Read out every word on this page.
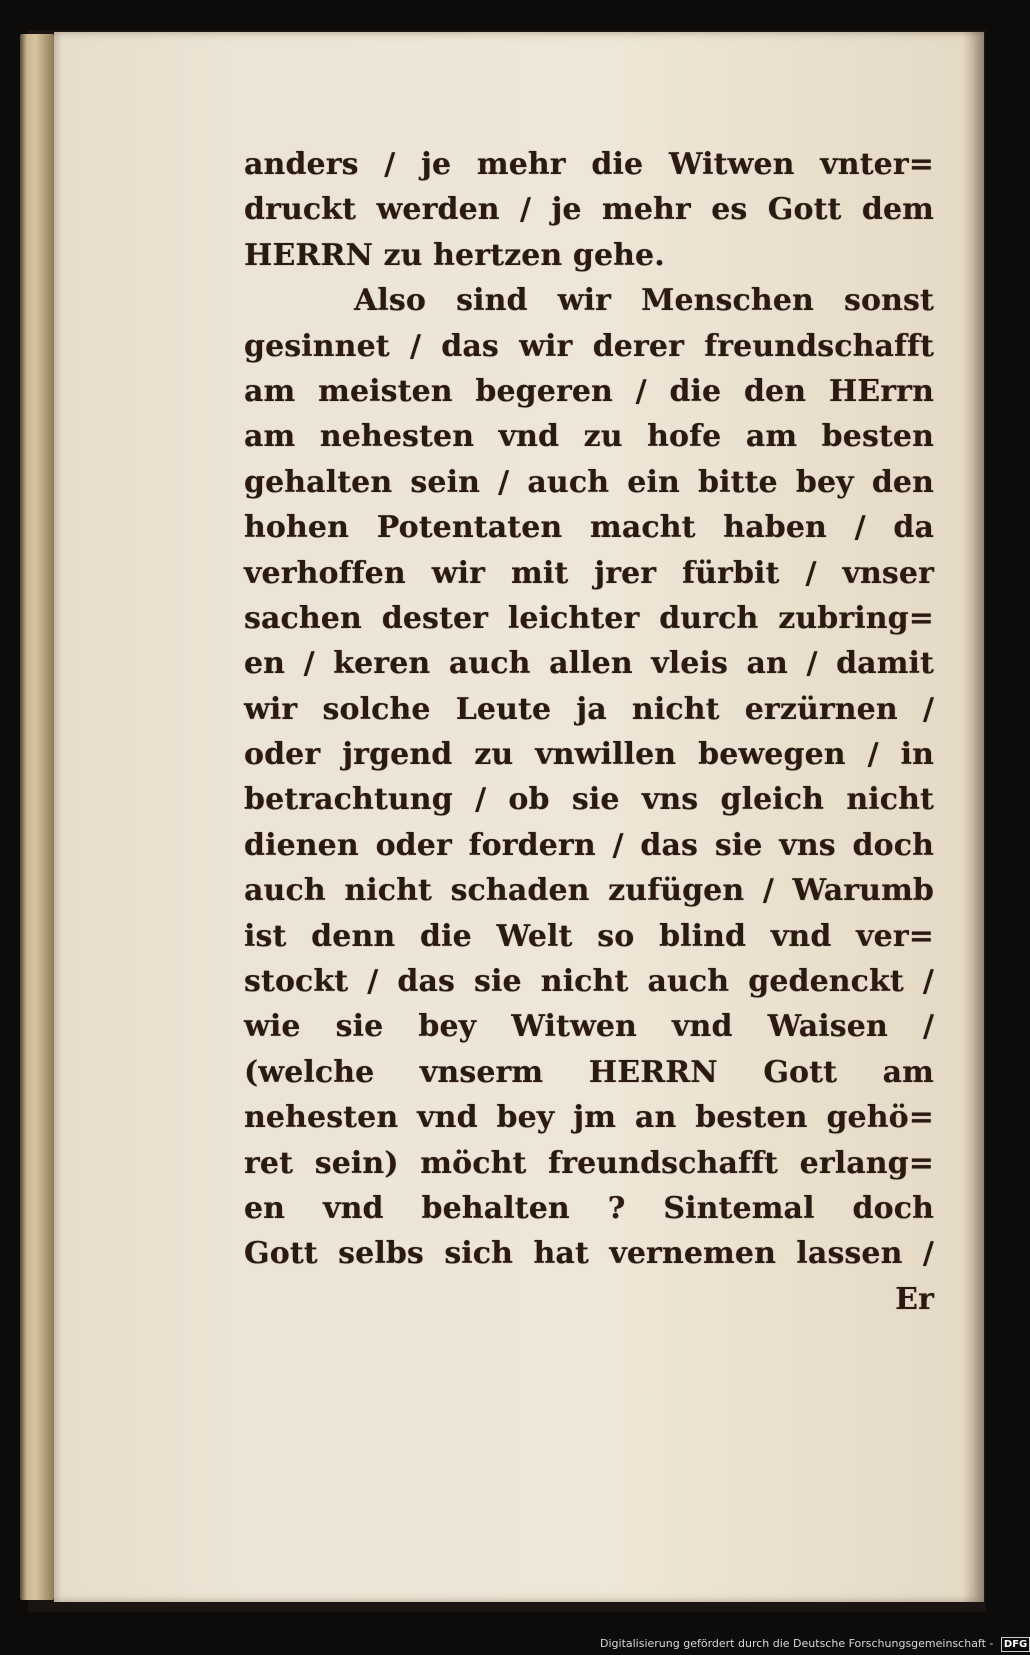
anders / je mehr die Witwen vnter=
druckt werden / je mehr es Gott dem
HERRN zu hertzen gehe.
Also sind wir Menschen sonst
gesinnet / das wir derer freundschafft
am meisten begeren / die den HErrn
am nehesten vnd zu hofe am besten
gehalten sein / auch ein bitte bey den
hohen Potentaten macht haben / da
verhoffen wir mit jrer fürbit / vnser
sachen dester leichter durch zubring=
en / keren auch allen vleis an / damit
wir solche Leute ja nicht erzürnen /
oder jrgend zu vnwillen bewegen / in
betrachtung / ob sie vns gleich nicht
dienen oder fordern / das sie vns doch
auch nicht schaden zufügen / Warumb
ist denn die Welt so blind vnd ver=
stockt / das sie nicht auch gedenckt /
wie sie bey Witwen vnd Waisen /
(welche vnserm HERRN Gott am
nehesten vnd bey jm an besten gehö=
ret sein) möcht freundschafft erlang=
en vnd behalten ? Sintemal doch
Gott selbs sich hat vernemen lassen /
Er
Digitalisierung gefördert durch die Deutsche Forschungsgemeinschaft - DFG
